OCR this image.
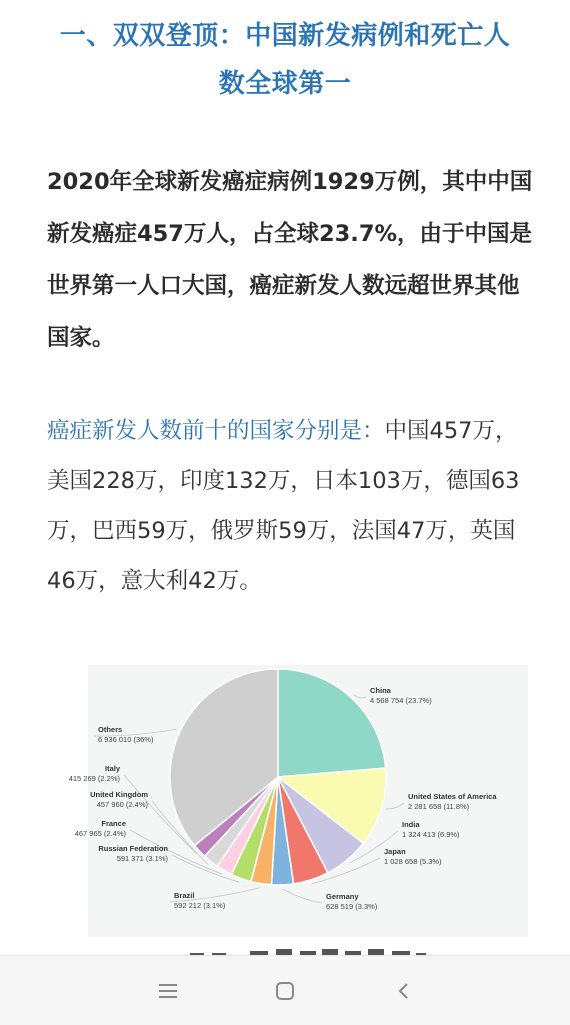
一、双双登顶：中国新发病例和死亡人
数全球第一
2020年全球新发癌症病例1929万例，其中中国新发癌症457万人，占全球23.7%，由于中国是世界第一人口大国，癌症新发人数远超世界其他国家。
癌症新发人数前十的国家分别是：中国457万，美国228万，印度132万，日本103万，德国63万，巴西59万，俄罗斯59万，法国47万，英国46万，意大利42万。
China
4 568 754 (23.7%)
United States of America
2 281 658 (11.8%)
India
1 324 413 (6.9%)
Japan
1 028 658 (5.3%)
Germany
628 519 (3.3%)
Brazil
592 212 (3.1%)
Russian Federation
591 371 (3.1%)
France
467 965 (2.4%)
United Kingdom
457 960 (2.4%)
Italy
415 269 (2.2%)
Others
6 936 010 (36%)
